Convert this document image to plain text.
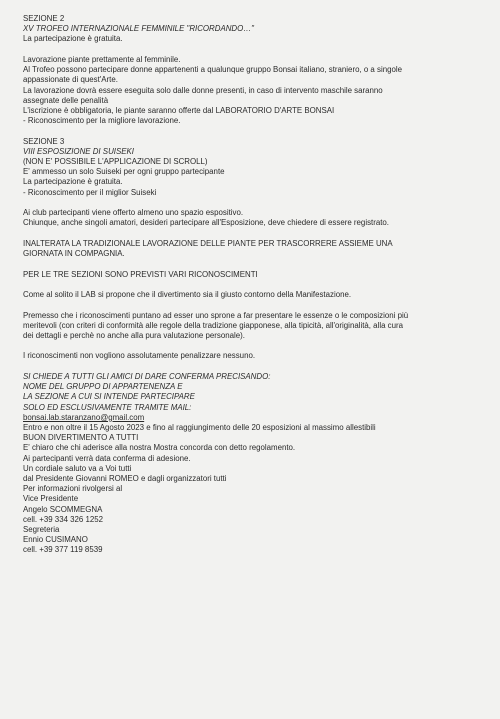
SEZIONE 2
XV TROFEO INTERNAZIONALE FEMMINILE "RICORDANDO…"
La partecipazione è gratuita.
Lavorazione piante prettamente al femminile.
Al Trofeo possono partecipare donne appartenenti a qualunque gruppo Bonsai italiano, straniero, o a singole
appassionate di quest'Arte.
La lavorazione dovrà essere eseguita solo dalle donne presenti, in caso di intervento maschile saranno
assegnate delle penalità
L'iscrizione è obbligatoria, le piante saranno offerte dal LABORATORIO D'ARTE BONSAI
- Riconoscimento per la migliore lavorazione.
SEZIONE 3
VIII ESPOSIZIONE DI SUISEKI
(NON E' POSSIBILE L'APPLICAZIONE DI SCROLL)
E' ammesso un solo Suiseki per ogni gruppo partecipante
La partecipazione è gratuita.
- Riconoscimento per il miglior Suiseki
Ai club partecipanti viene offerto almeno uno spazio espositivo.
Chiunque, anche singoli amatori, desideri partecipare all'Esposizione, deve chiedere di essere registrato.
INALTERATA LA TRADIZIONALE LAVORAZIONE DELLE PIANTE PER TRASCORRERE ASSIEME UNA
GIORNATA IN COMPAGNIA.
PER LE TRE SEZIONI SONO PREVISTI VARI RICONOSCIMENTI
Come al solito il LAB si propone che il divertimento sia il giusto contorno della Manifestazione.
Premesso che i riconoscimenti puntano ad esser uno sprone a far presentare le essenze o le composizioni più
meritevoli (con criteri di conformità alle regole della tradizione giapponese, alla tipicità, all'originalità, alla cura
dei dettagli e perchè no anche alla pura valutazione personale).
I riconoscimenti non vogliono assolutamente penalizzare nessuno.
SI CHIEDE A TUTTI GLI AMICI DI DARE CONFERMA PRECISANDO:
NOME DEL GRUPPO DI APPARTENENZA E
LA SEZIONE A CUI SI INTENDE PARTECIPARE
SOLO ED ESCLUSIVAMENTE TRAMITE MAIL:
bonsai.lab.staranzano@gmail.com
Entro e non oltre il 15 Agosto 2023 e fino al raggiungimento delle 20 esposizioni al massimo allestibili
BUON DIVERTIMENTO A TUTTI
E' chiaro che chi aderisce alla nostra Mostra concorda con detto regolamento.
Ai partecipanti verrà data conferma di adesione.
Un cordiale saluto va a Voi tutti
dal Presidente Giovanni ROMEO e dagli organizzatori tutti
Per informazioni rivolgersi al
Vice Presidente
Angelo SCOMMEGNA
cell. +39 334 326 1252
Segreteria
Ennio CUSIMANO
cell. +39 377 119 8539
